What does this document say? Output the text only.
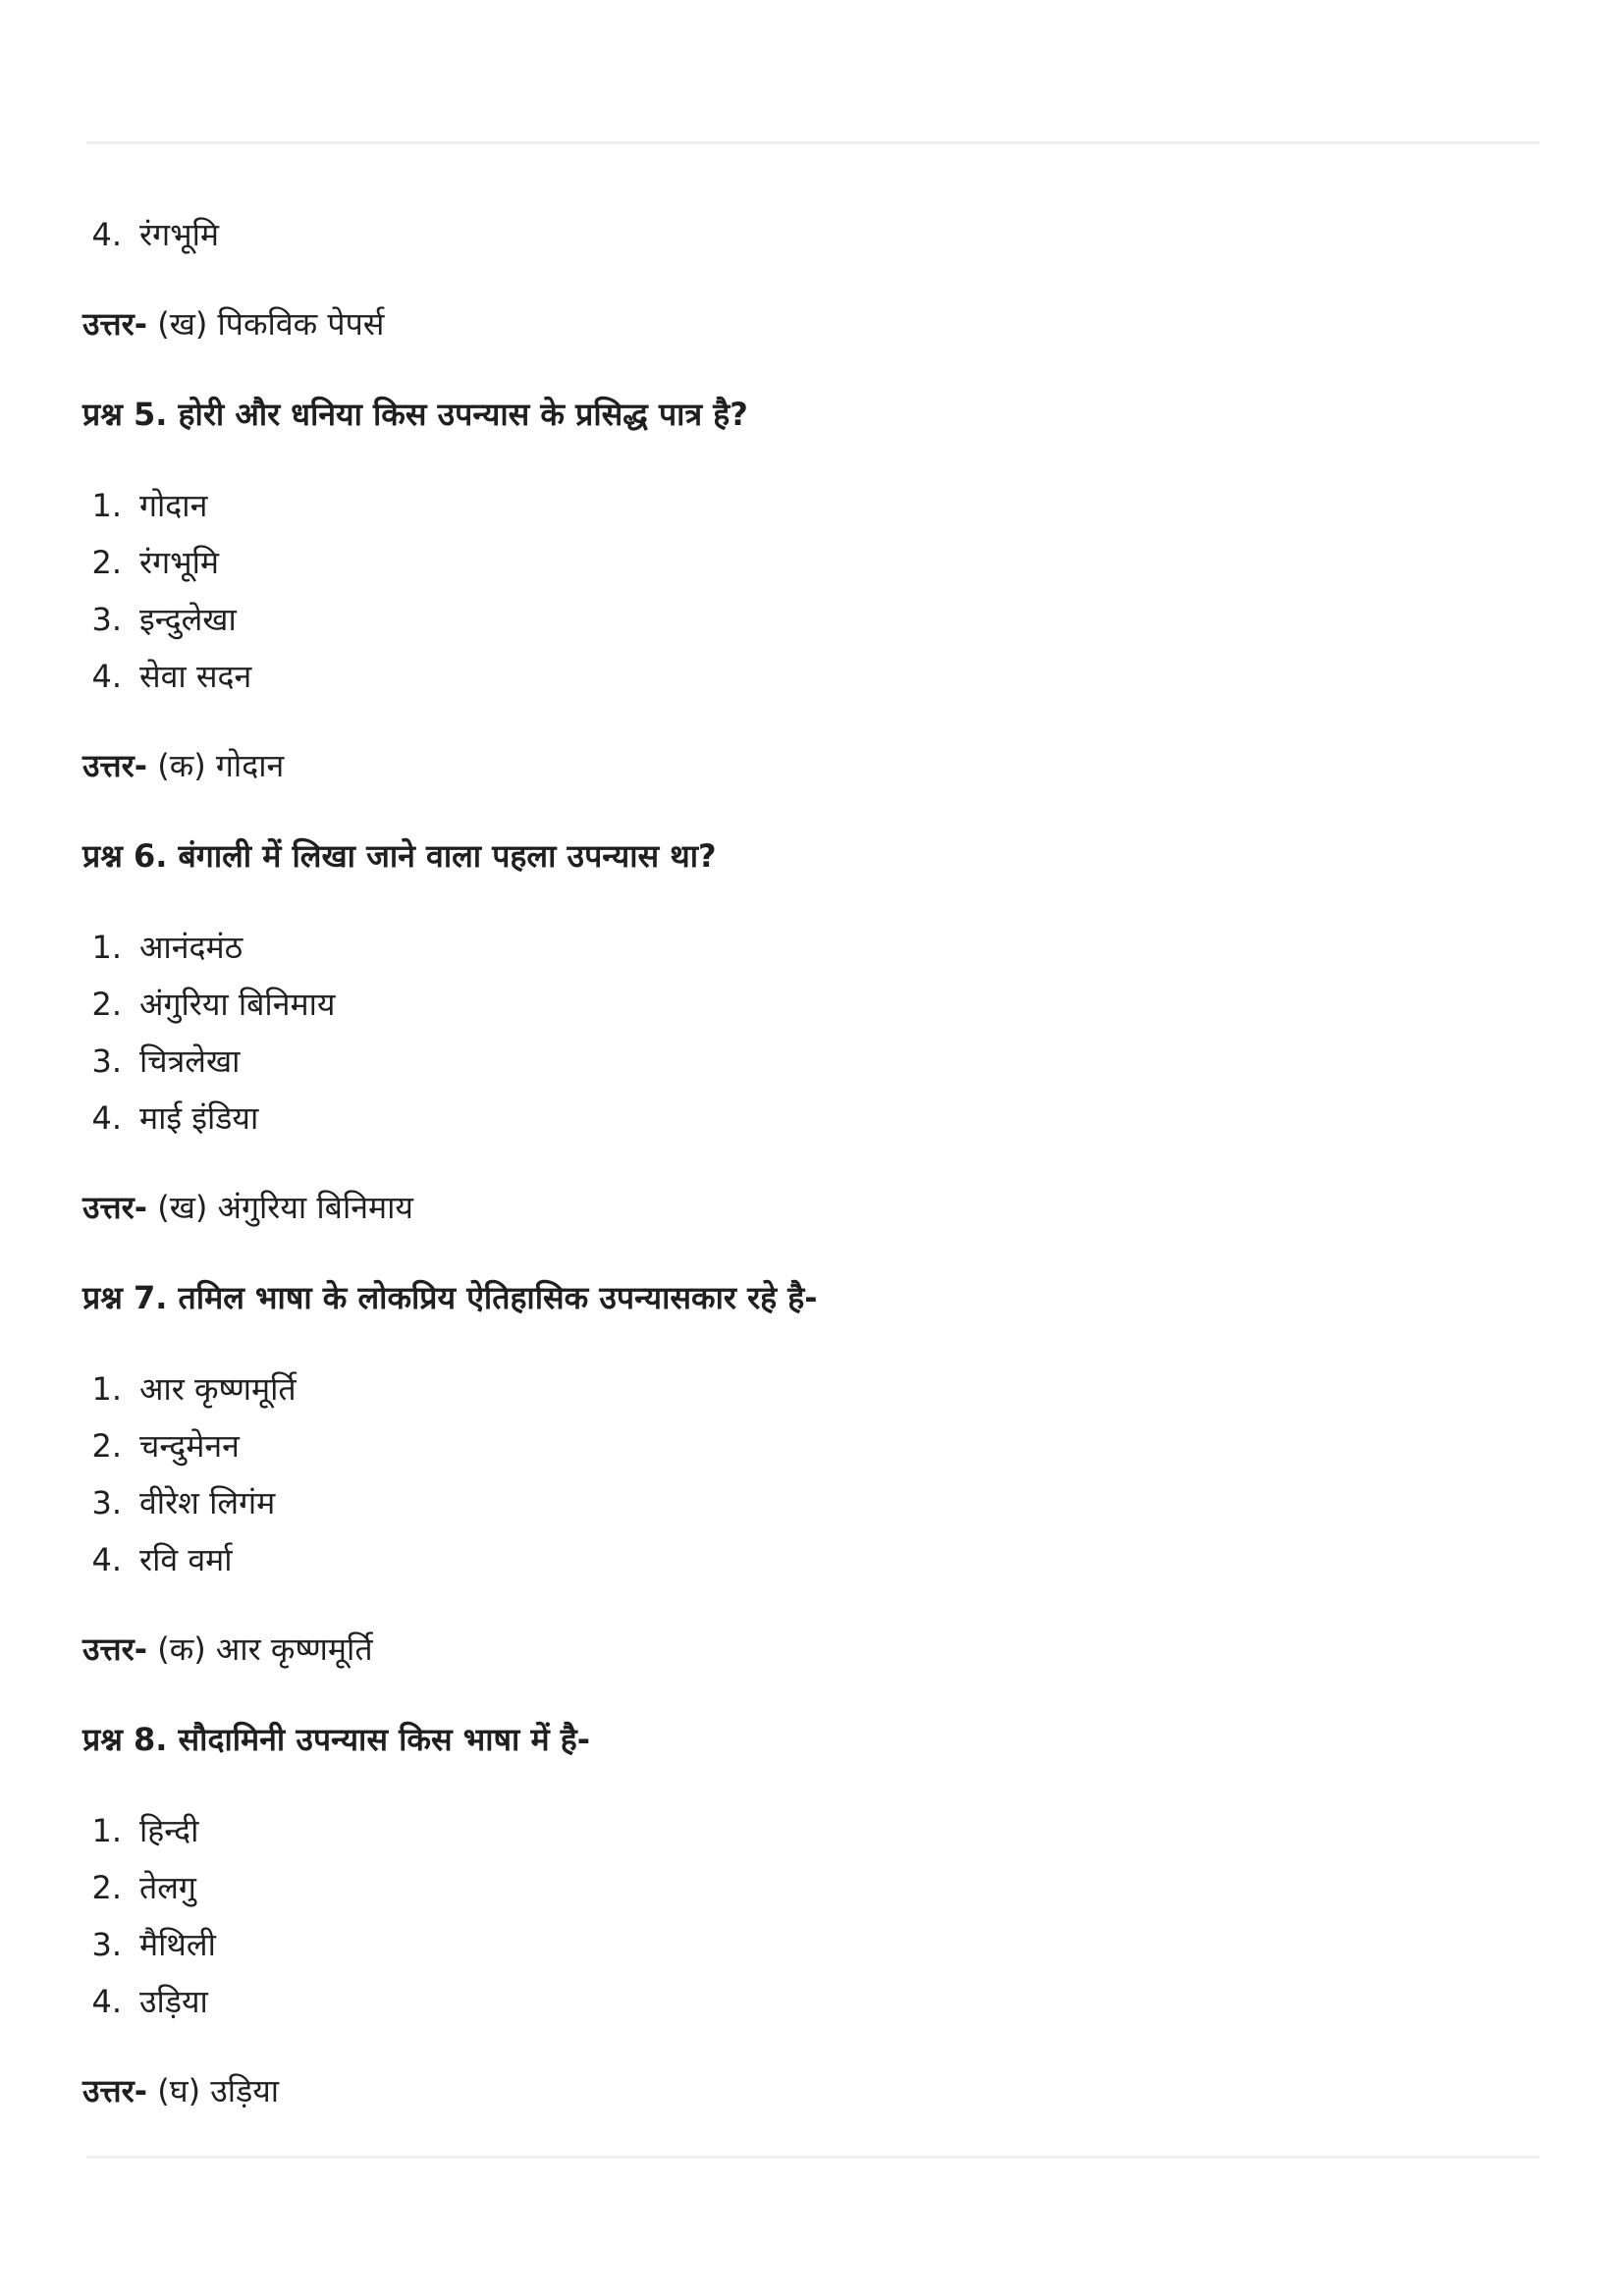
4. रंगभूमि

उत्तर- (ख) पिकविक पेपर्स

प्रश्न 5. होरी और धनिया किस उपन्यास के प्रसिद्ध पात्र है?

1. गोदान
2. रंगभूमि
3. इन्दुलेखा
4. सेवा सदन

उत्तर- (क) गोदान

प्रश्न 6. बंगाली में लिखा जाने वाला पहला उपन्यास था?

1. आनंदमंठ
2. अंगुरिया बिनिमाय
3. चित्रलेखा
4. माई इंडिया

उत्तर- (ख) अंगुरिया बिनिमाय

प्रश्न 7. तमिल भाषा के लोकप्रिय ऐतिहासिक उपन्यासकार रहे है-

1. आर कृष्णमूर्ति
2. चन्दुमेनन
3. वीरेश लिगंम
4. रवि वर्मा

उत्तर- (क) आर कृष्णमूर्ति

प्रश्न 8. सौदामिनी उपन्यास किस भाषा में है-

1. हिन्दी
2. तेलगु
3. मैथिली
4. उड़िया

उत्तर- (घ) उड़िया
